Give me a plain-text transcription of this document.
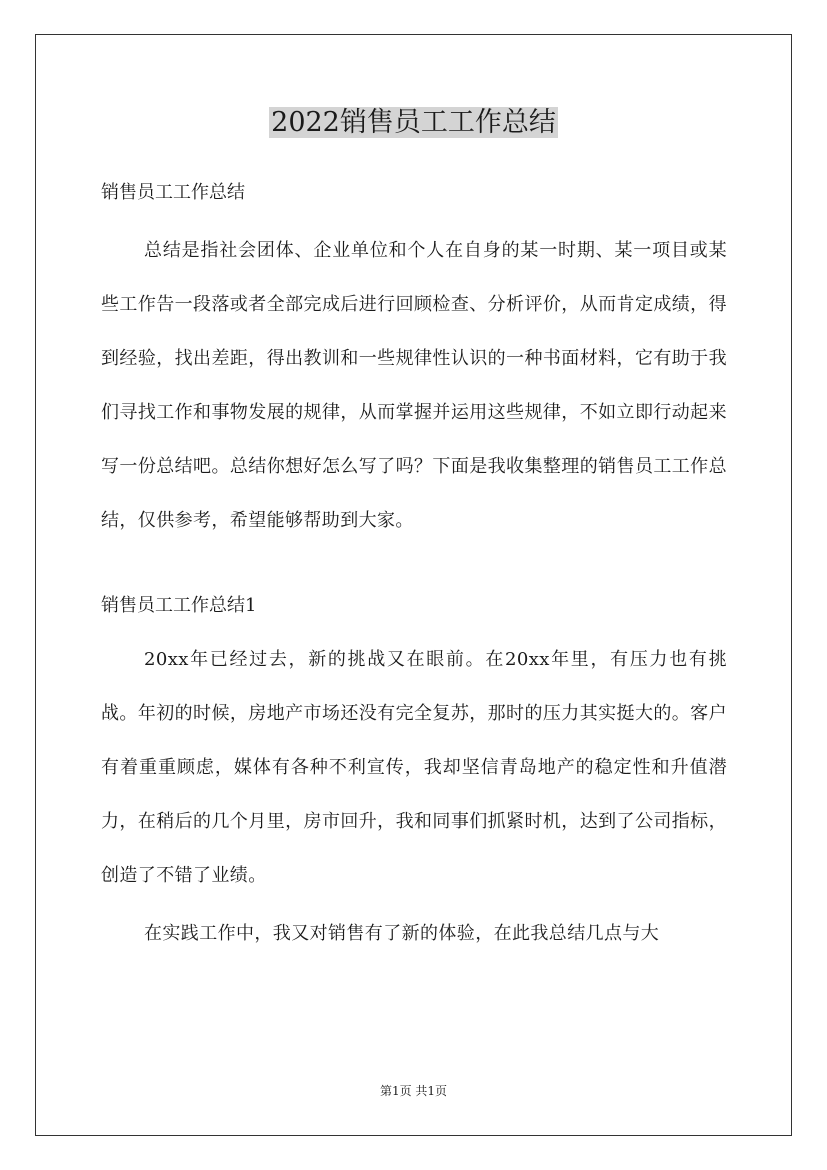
2022销售员工工作总结

销售员工工作总结

总结是指社会团体、企业单位和个人在自身的某一时期、某一项目或某些工作告一段落或者全部完成后进行回顾检查、分析评价，从而肯定成绩，得到经验，找出差距，得出教训和一些规律性认识的一种书面材料，它有助于我们寻找工作和事物发展的规律，从而掌握并运用这些规律，不如立即行动起来写一份总结吧。总结你想好怎么写了吗？下面是我收集整理的销售员工工作总结，仅供参考，希望能够帮助到大家。

销售员工工作总结1

20xx年已经过去，新的挑战又在眼前。在20xx年里，有压力也有挑战。年初的时候，房地产市场还没有完全复苏，那时的压力其实挺大的。客户有着重重顾虑，媒体有各种不利宣传，我却坚信青岛地产的稳定性和升值潜力，在稍后的几个月里，房市回升，我和同事们抓紧时机，达到了公司指标，创造了不错了业绩。

在实践工作中，我又对销售有了新的体验，在此我总结几点与大

第1页 共1页
